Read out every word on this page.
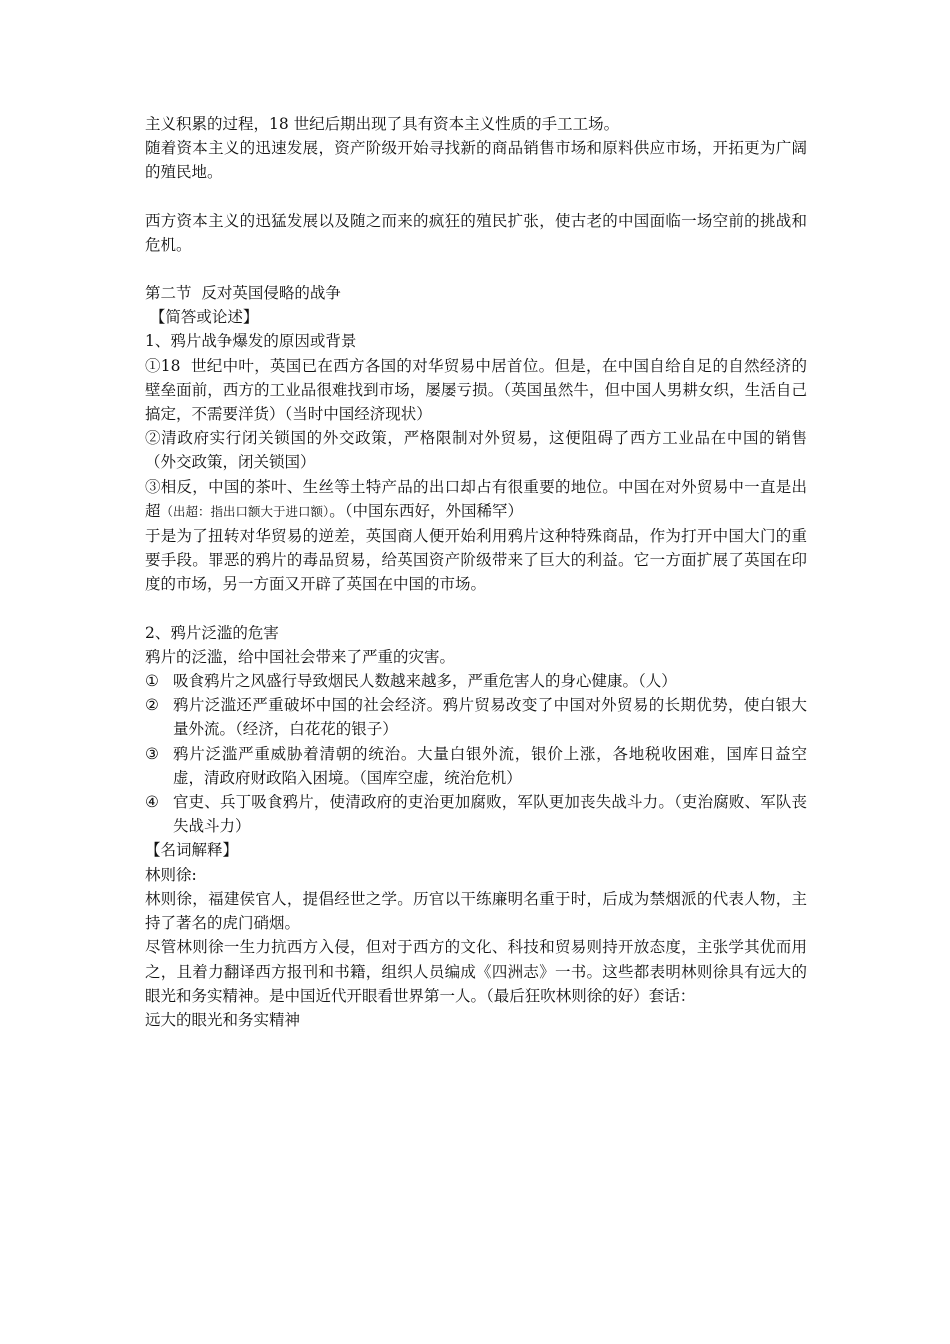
主义积累的过程，18 世纪后期出现了具有资本主义性质的手工工场。

随着资本主义的迅速发展，资产阶级开始寻找新的商品销售市场和原料供应市场，开拓更为广阔的殖民地。

西方资本主义的迅猛发展以及随之而来的疯狂的殖民扩张，使古老的中国面临一场空前的挑战和危机。

第二节  反对英国侵略的战争

【简答或论述】

1、鸦片战争爆发的原因或背景

①18  世纪中叶，英国已在西方各国的对华贸易中居首位。但是，在中国自给自足的自然经济的壁垒面前，西方的工业品很难找到市场，屡屡亏损。（英国虽然牛，但中国人男耕女织，生活自己搞定，不需要洋货）（当时中国经济现状）

②清政府实行闭关锁国的外交政策，严格限制对外贸易，这便阻碍了西方工业品在中国的销售（外交政策，闭关锁国）

③相反，中国的茶叶、生丝等土特产品的出口却占有很重要的地位。中国在对外贸易中一直是出超（出超：指出口额大于进口额）。（中国东西好，外国稀罕）

于是为了扭转对华贸易的逆差，英国商人便开始利用鸦片这种特殊商品，作为打开中国大门的重要手段。罪恶的鸦片的毒品贸易，给英国资产阶级带来了巨大的利益。它一方面扩展了英国在印度的市场，另一方面又开辟了英国在中国的市场。

2、鸦片泛滥的危害

鸦片的泛滥，给中国社会带来了严重的灾害。

① 吸食鸦片之风盛行导致烟民人数越来越多，严重危害人的身心健康。（人）
② 鸦片泛滥还严重破坏中国的社会经济。鸦片贸易改变了中国对外贸易的长期优势，使白银大量外流。（经济，白花花的银子）
③ 鸦片泛滥严重威胁着清朝的统治。大量白银外流，银价上涨，各地税收困难，国库日益空虚，清政府财政陷入困境。（国库空虚，统治危机）
④ 官吏、兵丁吸食鸦片，使清政府的吏治更加腐败，军队更加丧失战斗力。（吏治腐败、军队丧失战斗力）

【名词解释】

林则徐:

林则徐，福建侯官人，提倡经世之学。历官以干练廉明名重于时，后成为禁烟派的代表人物，主持了著名的虎门硝烟。

尽管林则徐一生力抗西方入侵，但对于西方的文化、科技和贸易则持开放态度，主张学其优而用之，且着力翻译西方报刊和书籍，组织人员编成《四洲志》一书。这些都表明林则徐具有远大的眼光和务实精神。是中国近代开眼看世界第一人。（最后狂吹林则徐的好）套话：

远大的眼光和务实精神
